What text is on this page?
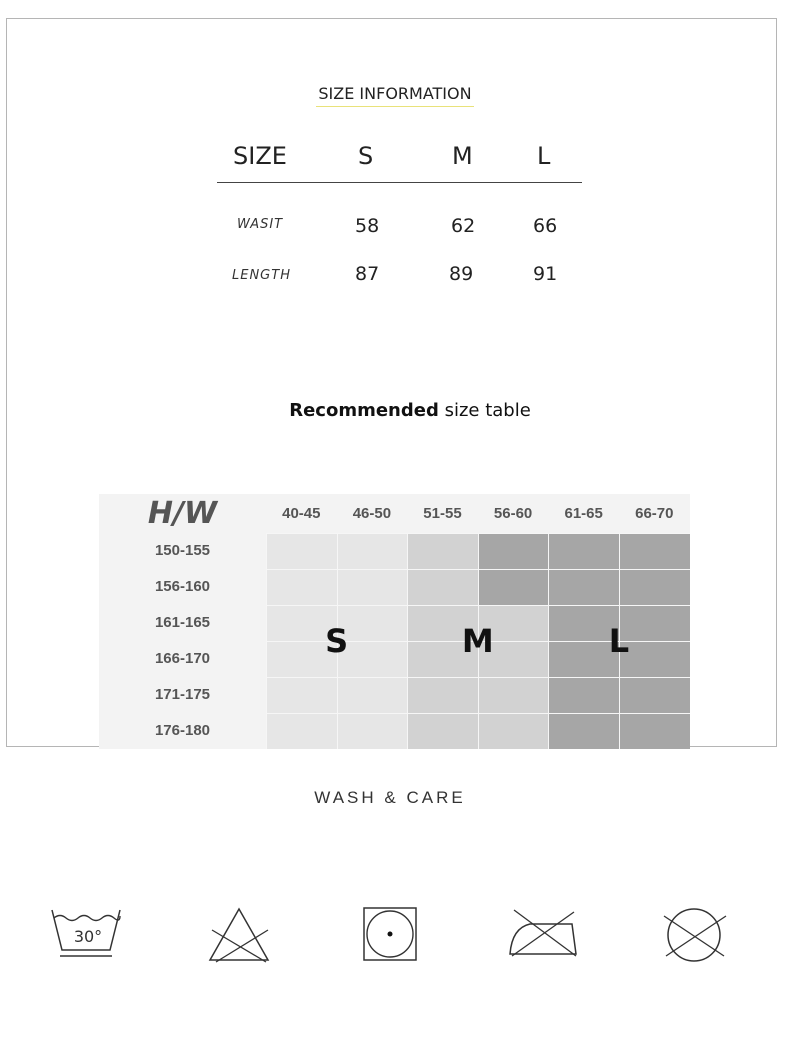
SIZE INFORMATION
SIZE	S	M	L
WASIT	58	62	66
LENGTH	87	89	91
Recommended size table
H/W	40-45	46-50	51-55	56-60	61-65	66-70
150-155
156-160
161-165
166-170
171-175
176-180
S	M	L
WASH & CARE
30°
